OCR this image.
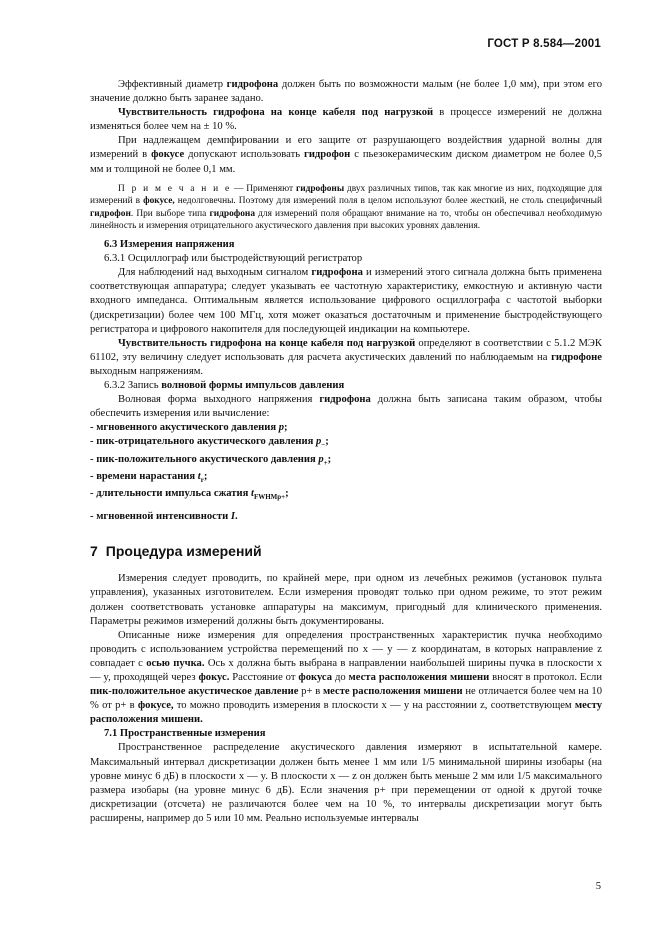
ГОСТ Р 8.584—2001

Эффективный диаметр гидрофона должен быть по возможности малым (не более 1,0 мм), при этом его значение должно быть заранее задано.

Чувствительность гидрофона на конце кабеля под нагрузкой в процессе измерений не должна изменяться более чем на ± 10 %.

При надлежащем демпфировании и его защите от разрушающего воздействия ударной волны для измерений в фокусе допускают использовать гидрофон с пьезокерамическим диском диаметром не более 0,5 мм и толщиной не более 0,1 мм.

П р и м е ч а н и е — Применяют гидрофоны двух различных типов, так как многие из них, подходящие для измерений в фокусе, недолговечны. Поэтому для измерений поля в целом используют более жесткий, не столь специфичный гидрофон. При выборе типа гидрофона для измерений поля обращают внимание на то, чтобы он обеспечивал необходимую линейность и измерения отрицательного акустического давления при высоких уровнях давления.

6.3 Измерения напряжения

6.3.1 Осциллограф или быстродействующий регистратор

Для наблюдений над выходным сигналом гидрофона и измерений этого сигнала должна быть применена соответствующая аппаратура; следует указывать ее частотную характеристику, емкостную и активную части входного импеданса. Оптимальным является использование цифрового осциллографа с частотой выборки (дискретизации) более чем 100 МГц, хотя может оказаться достаточным и применение быстродействующего регистратора и цифрового накопителя для последующей индикации на компьютере.

Чувствительность гидрофона на конце кабеля под нагрузкой определяют в соответствии с 5.1.2 МЭК 61102, эту величину следует использовать для расчета акустических давлений по наблюдаемым на гидрофоне выходным напряжениям.

6.3.2 Запись волновой формы импульсов давления

Волновая форма выходного напряжения гидрофона должна быть записана таким образом, чтобы обеспечить измерения или вычисление:

- мгновенного акустического давления p;
- пик-отрицательного акустического давления $p_-$;
- пик-положительного акустического давления $p_+$;
- времени нарастания $t_r$;
- длительности импульса сжатия $t_{FWHMp+}$;
- мгновенной интенсивности I.
7 Процедура измерений

Измерения следует проводить, по крайней мере, при одном из лечебных режимов (установок пульта управления), указанных изготовителем. Если измерения проводят только при одном режиме, то этот режим должен соответствовать установке аппаратуры на максимум, пригодный для клинического применения. Параметры режимов измерений должны быть документированы.

Описанные ниже измерения для определения пространственных характеристик пучка необходимо проводить с использованием устройства перемещений по x — y — z координатам, в которых направление z совпадает с осью пучка. Ось x должна быть выбрана в направлении наибольшей ширины пучка в плоскости x — y, проходящей через фокус. Расстояние от фокуса до места расположения мишени вносят в протокол. Если пик-положительное акустическое давление p+ в месте расположения мишени не отличается более чем на 10 % от p+ в фокусе, то можно проводить измерения в плоскости x — y на расстоянии z, соответствующем месту расположения мишени.

7.1 Пространственные измерения

Пространственное распределение акустического давления измеряют в испытательной камере. Максимальный интервал дискретизации должен быть менее 1 мм или 1/5 минимальной ширины изобары (на уровне минус 6 дБ) в плоскости x — y. В плоскости x — z он должен быть меньше 2 мм или 1/5 максимального размера изобары (на уровне минус 6 дБ). Если значения p+ при перемещении от одной к другой точке дискретизации (отсчета) не различаются более чем на 10 %, то интервалы дискретизации могут быть расширены, например до 5 или 10 мм. Реально используемые интервалы

5
